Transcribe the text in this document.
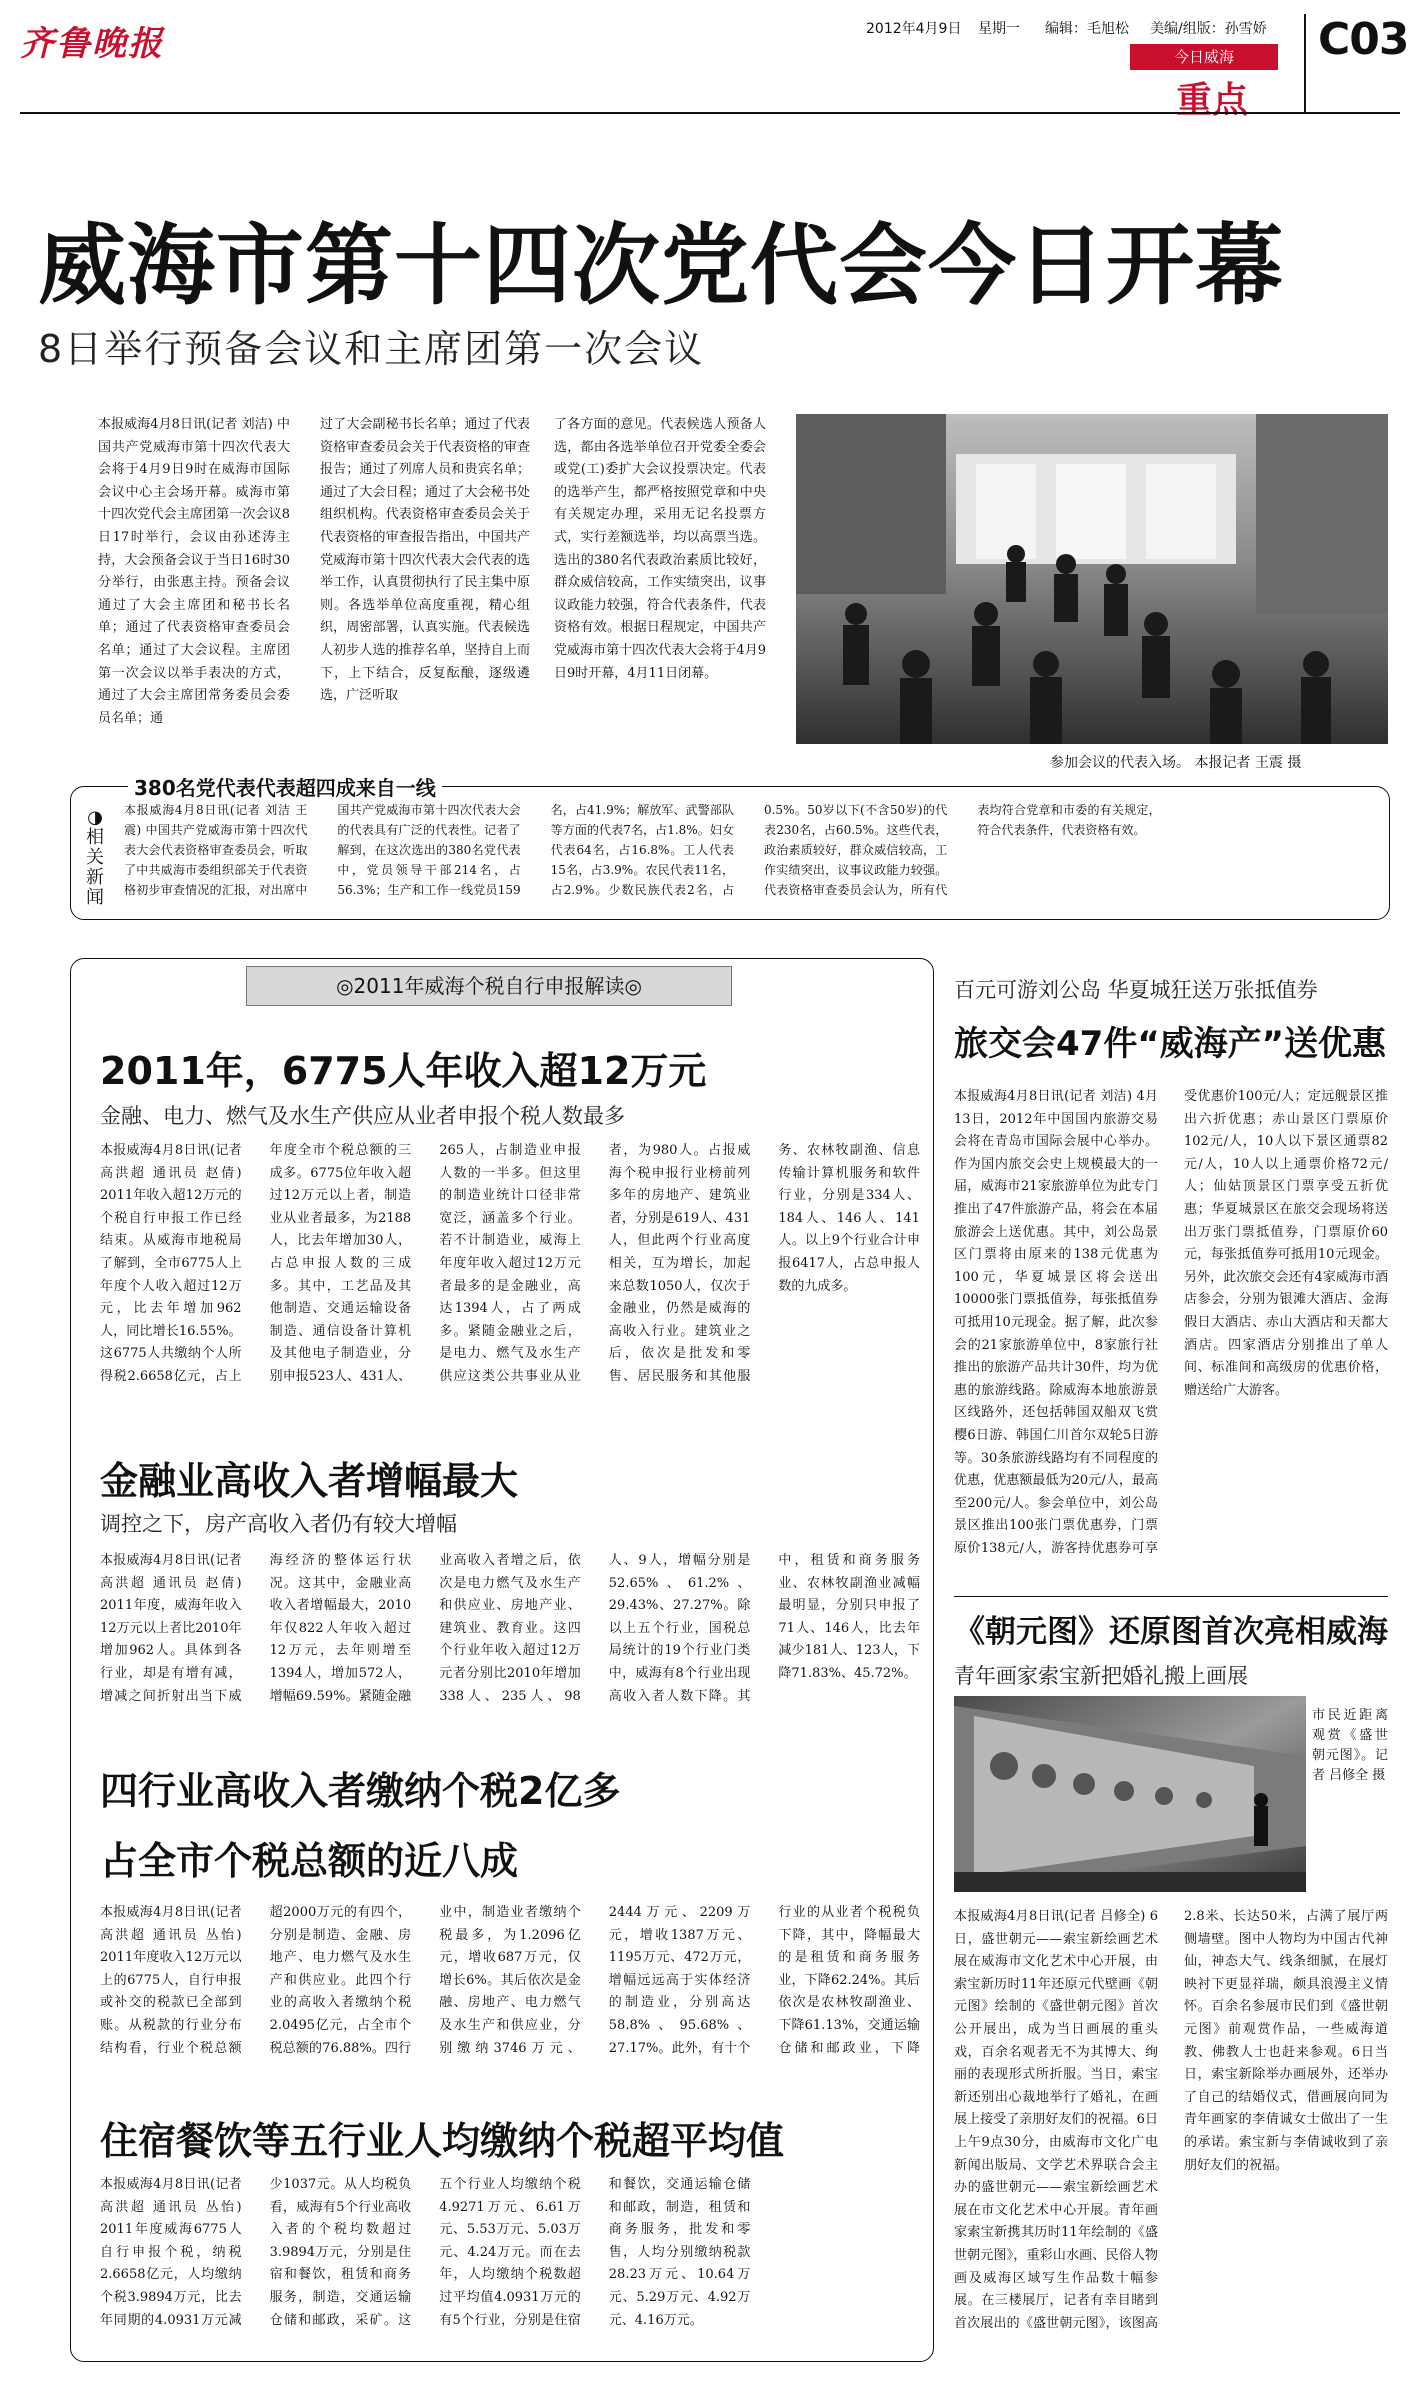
齐鲁晚报	2012年4月9日 星期一 编辑：毛旭松 美编/组版：孙雪娇
今日威海
重点
C03
威海市第十四次党代会今日开幕
8日举行预备会议和主席团第一次会议
本报威海4月8日讯(记者 刘洁) 中国共产党威海市第十四次代表大会将于4月9日9时在威海市国际会议中心主会场开幕。威海市第十四次党代会主席团第一次会议8日17时举行，会议由孙述涛主持，大会预备会议于当日16时30分举行，由张惠主持。预备会议通过了大会主席团和秘书长名单；通过了代表资格审查委员会名单；通过了大会议程。主席团第一次会议以举手表决的方式，通过了大会主席团常务委员会委员名单；通
过了大会副秘书长名单；通过了代表资格审查委员会关于代表资格的审查报告；通过了列席人员和贵宾名单；通过了大会日程；通过了大会秘书处组织机构。代表资格审查委员会关于代表资格的审查报告指出，中国共产党威海市第十四次代表大会代表的选举工作，认真贯彻执行了民主集中原则。各选举单位高度重视，精心组织，周密部署，认真实施。代表候选人初步人选的推荐名单，坚持自上而下，上下结合，反复酝酿，逐级遴选，广泛听取
了各方面的意见。代表候选人预备人选，都由各选举单位召开党委全委会或党(工)委扩大会议投票决定。代表的选举产生，都严格按照党章和中央有关规定办理，采用无记名投票方式，实行差额选举，均以高票当选。选出的380名代表政治素质比较好，群众威信较高，工作实绩突出，议事议政能力较强，符合代表条件，代表资格有效。根据日程规定，中国共产党威海市第十四次代表大会将于4月9日9时开幕，4月11日闭幕。
参加会议的代表入场。 本报记者 王震 摄
380名党代表代表超四成来自一线
◑
相关新闻
本报威海4月8日讯(记者 刘洁 王震) 中国共产党威海市第十四次代表大会代表资格审查委员会，听取了中共威海市委组织部关于代表资格初步审查情况的汇报，对出席中国共产党威海市第十四次代表大会的代表具有广泛的代表性。记者了解到，在这次选出的380名党代表中，党员领导干部214名，占56.3%；生产和工作一线党员159名，占41.9%；解放军、武警部队等方面的代表7名，占1.8%。妇女代表64名，占16.8%。工人代表15名，占3.9%。农民代表11名，占2.9%。少数民族代表2名，占0.5%。50岁以下(不含50岁)的代表230名，占60.5%。这些代表，政治素质较好，群众威信较高，工作实绩突出，议事议政能力较强。代表资格审查委员会认为，所有代表均符合党章和市委的有关规定，符合代表条件，代表资格有效。
◎2011年威海个税自行申报解读◎
2011年，6775人年收入超12万元
金融、电力、燃气及水生产供应从业者申报个税人数最多
本报威海4月8日讯(记者 高洪超 通讯员 赵倩) 2011年收入超12万元的个税自行申报工作已经结束。从威海市地税局了解到，全市6775人上年度个人收入超过12万元，比去年增加962人，同比增长16.55%。这6775人共缴纳个人所得税2.6658亿元，占上年度全市个税总额的三成多。6775位年收入超过12万元以上者，制造业从业者最多，为2188人，比去年增加30人，占总申报人数的三成多。其中，工艺品及其他制造、交通运输设备制造、通信设备计算机及其他电子制造业，分别申报523人、431人、265人，占制造业申报人数的一半多。但这里的制造业统计口径非常宽泛，涵盖多个行业。若不计制造业，威海上年度年收入超过12万元者最多的是金融业，高达1394人，占了两成多。紧随金融业之后，是电力、燃气及水生产供应这类公共事业从业者，为980人。占报威海个税申报行业榜前列多年的房地产、建筑业者，分别是619人、431人，但此两个行业高度相关，互为增长，加起来总数1050人，仅次于金融业，仍然是威海的高收入行业。建筑业之后，依次是批发和零售、居民服务和其他服务、农林牧副渔、信息传输计算机服务和软件行业，分别是334人、184人、146人、141人。以上9个行业合计申报6417人，占总申报人数的九成多。
金融业高收入者增幅最大
调控之下，房产高收入者仍有较大增幅
本报威海4月8日讯(记者 高洪超 通讯员 赵倩) 2011年度，威海年收入12万元以上者比2010年增加962人。具体到各行业，却是有增有减，增减之间折射出当下威海经济的整体运行状况。这其中，金融业高收入者增幅最大，2010年仅822人年收入超过12万元，去年则增至1394人，增加572人，增幅69.59%。紧随金融业高收入者增之后，依次是电力燃气及水生产和供应业、房地产业、建筑业、教育业。这四个行业年收入超过12万元者分别比2010年增加338人、235人、98人、9人，增幅分别是52.65%、61.2%、29.43%、27.27%。除以上五个行业，国税总局统计的19个行业门类中，威海有8个行业出现高收入者人数下降。其中，租赁和商务服务业、农林牧副渔业减幅最明显，分别只申报了71人、146人，比去年减少181人、123人，下降71.83%、45.72%。
四行业高收入者缴纳个税2亿多
占全市个税总额的近八成
本报威海4月8日讯(记者 高洪超 通讯员 丛怡) 2011年度收入12万元以上的6775人，自行申报或补交的税款已全部到账。从税款的行业分布结构看，行业个税总额超2000万元的有四个，分别是制造、金融、房地产、电力燃气及水生产和供应业。此四个行业的高收入者缴纳个税2.0495亿元，占全市个税总额的76.88%。四行业中，制造业者缴纳个税最多，为1.2096亿元，增收687万元，仅增长6%。其后依次是金融、房地产、电力燃气及水生产和供应业，分别缴纳3746万元、2444万元、2209万元，增收1387万元、1195万元、472万元，增幅远远高于实体经济的制造业，分别高达58.8%、95.68%、27.17%。此外，有十个行业的从业者个税税负下降，其中，降幅最大的是租赁和商务服务业，下降62.24%。其后依次是农林牧副渔业、下降61.13%，交通运输仓储和邮政业，下降
住宿餐饮等五行业人均缴纳个税超平均值
本报威海4月8日讯(记者 高洪超 通讯员 丛怡) 2011年度威海6775人自行申报个税，纳税2.6658亿元，人均缴纳个税3.9894万元，比去年同期的4.0931万元减少1037元。从人均税负看，威海有5个行业高收入者的个税均数超过3.9894万元，分别是住宿和餐饮，租赁和商务服务，制造，交通运输仓储和邮政，采矿。这五个行业人均缴纳个税4.9271万元、6.61万元、5.53万元、5.03万元、4.24万元。而在去年，人均缴纳个税数超过平均值4.0931万元的有5个行业，分别是住宿和餐饮，交通运输仓储和邮政，制造，租赁和商务服务，批发和零售，人均分别缴纳税款28.23万元、10.64万元、5.29万元、4.92万元、4.16万元。
百元可游刘公岛 华夏城狂送万张抵值券
旅交会47件“威海产”送优惠
本报威海4月8日讯(记者 刘洁) 4月13日，2012年中国国内旅游交易会将在青岛市国际会展中心举办。作为国内旅交会史上规模最大的一届，威海市21家旅游单位为此专门推出了47件旅游产品，将会在本届旅游会上送优惠。其中，刘公岛景区门票将由原来的138元优惠为100元，华夏城景区将会送出10000张门票抵值券，每张抵值券可抵用10元现金。据了解，此次参会的21家旅游单位中，8家旅行社推出的旅游产品共计30件，均为优惠的旅游线路。除威海本地旅游景区线路外，还包括韩国双船双飞赏樱6日游、韩国仁川首尔双轮5日游等。30条旅游线路均有不同程度的优惠，优惠额最低为20元/人，最高至200元/人。参会单位中，刘公岛景区推出100张门票优惠券，门票原价138元/人，游客持优惠券可享受优惠价100元/人；定远舰景区推出六折优惠；赤山景区门票原价102元/人，10人以下景区通票82元/人，10人以上通票价格72元/人；仙姑顶景区门票享受五折优惠；华夏城景区在旅交会现场将送出万张门票抵值券，门票原价60元，每张抵值券可抵用10元现金。另外，此次旅交会还有4家威海市酒店参会，分别为银滩大酒店、金海假日大酒店、赤山大酒店和天都大酒店。四家酒店分别推出了单人间、标准间和高级房的优惠价格，赠送给广大游客。
《朝元图》还原图首次亮相威海
青年画家索宝新把婚礼搬上画展
市民近距离观赏《盛世朝元图》。记者 吕修全 摄
本报威海4月8日讯(记者 吕修全) 6日，盛世朝元——索宝新绘画艺术展在威海市文化艺术中心开展，由索宝新历时11年还原元代壁画《朝元图》绘制的《盛世朝元图》首次公开展出，成为当日画展的重头戏，百余名观者无不为其博大、绚丽的表现形式所折服。当日，索宝新还别出心裁地举行了婚礼，在画展上接受了亲朋好友们的祝福。6日上午9点30分，由威海市文化广电新闻出版局、文学艺术界联合会主办的盛世朝元——索宝新绘画艺术展在市文化艺术中心开展。青年画家索宝新携其历时11年绘制的《盛世朝元图》，重彩山水画、民俗人物画及威海区域写生作品数十幅参展。在三楼展厅，记者有幸目睹到首次展出的《盛世朝元图》，该图高2.8米、长达50米，占满了展厅两侧墙壁。图中人物均为中国古代神仙，神态大气、线条细腻，在展灯映衬下更显祥瑞，颇具浪漫主义情怀。百余名参展市民们到《盛世朝元图》前观赏作品，一些威海道教、佛教人士也赶来参观。6日当日，索宝新除举办画展外，还举办了自己的结婚仪式，借画展向同为青年画家的李倩诚女士做出了一生的承诺。索宝新与李倩诚收到了亲朋好友们的祝福。
